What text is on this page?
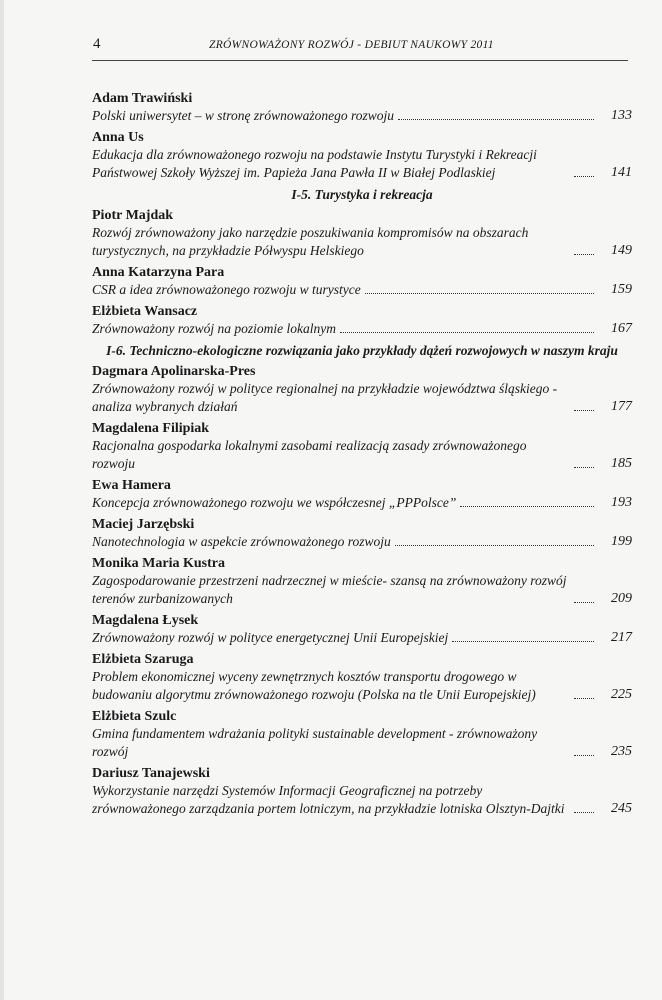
4	ZRÓWNOWAŻONY ROZWÓJ - DEBIUT NAUKOWY 2011
Adam Trawiński
Polski uniwersytet – w stronę zrównoważonego rozwoju	133
Anna Us
Edukacja dla zrównoważonego rozwoju na podstawie Instytu Turystyki i Rekreacji Państwowej Szkoły Wyższej im. Papieża Jana Pawła II w Białej Podlaskiej	141
I-5. Turystyka i rekreacja
Piotr Majdak
Rozwój zrównoważony jako narzędzie poszukiwania kompromisów na obszarach turystycznych, na przykładzie Półwyspu Helskiego	149
Anna Katarzyna Para
CSR a idea zrównoważonego rozwoju w turystyce	159
Elżbieta Wansacz
Zrównoważony rozwój na poziomie lokalnym	167
I-6. Techniczno-ekologiczne rozwiązania jako przykłady dążeń rozwojowych w naszym kraju
Dagmara Apolinarska-Pres
Zrównoważony rozwój w polityce regionalnej na przykładzie województwa śląskiego - analiza wybranych działań	177
Magdalena Filipiak
Racjonalna gospodarka lokalnymi zasobami realizacją zasady zrównoważonego rozwoju	185
Ewa Hamera
Koncepcja zrównoważonego rozwoju we współczesnej „PPPolsce”	193
Maciej Jarzębski
Nanotechnologia w aspekcie zrównoważonego rozwoju	199
Monika Maria Kustra
Zagospodarowanie przestrzeni nadrzecznej w mieście- szansą na zrównoważony rozwój terenów zurbanizowanych	209
Magdalena Łysek
Zrównoważony rozwój w polityce energetycznej Unii Europejskiej	217
Elżbieta Szaruga
Problem ekonomicznej wyceny zewnętrznych kosztów transportu drogowego w budowaniu algorytmu zrównoważonego rozwoju (Polska na tle Unii Europejskiej)	225
Elżbieta Szulc
Gmina fundamentem wdrażania polityki sustainable development - zrównoważony rozwój	235
Dariusz Tanajewski
Wykorzystanie narzędzi Systemów Informacji Geograficznej na potrzeby zrównoważonego zarządzania portem lotniczym, na przykładzie lotniska Olsztyn-Dajtki	245
